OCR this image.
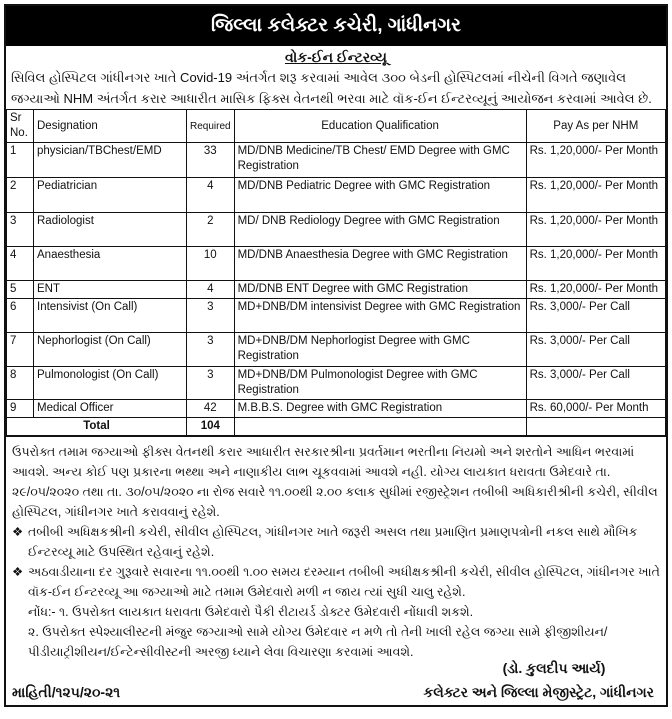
જિલ્લા કલેક્ટર કચેરી, ગાંધીનગર
વોક-ઈન ઈન્ટરવ્યૂ
સિવિલ હોસ્પિટલ ગાંધીનગર ખાતે Covid-19 અંતર્ગત શરૂ કરવામાં આવેલ ૩૦૦ બેડની હોસ્પિટલમાં નીચેની વિગતે જણાવેલ જગ્યાઓ NHM અંતર્ગત કરાર આધારીત માસિક ફિક્સ વેતનથી ભરવા માટે વૉક-ઈન ઈન્ટરવ્યૂનું આયોજન કરવામાં આવેલ છે.
Sr No.	Designation	Required	Education Qualification	Pay As per NHM
1	physician/TBChest/EMD	33	MD/DNB Medicine/TB Chest/ EMD Degree with GMC Registration	Rs. 1,20,000/- Per Month
2	Pediatrician	4	MD/DNB Pediatric Degree with GMC Registration	Rs. 1,20,000/- Per Month
3	Radiologist	2	MD/ DNB Rediology Degree with GMC Registration	Rs. 1,20,000/- Per Month
4	Anaesthesia	10	MD/DNB Anaesthesia Degree with GMC Registration	Rs. 1,20,000/- Per Month
5	ENT	4	MD/DNB ENT Degree with GMC Registration	Rs. 1,20,000/- Per Month
6	Intensivist (On Call)	3	MD+DNB/DM intensivist Degree with GMC Registration	Rs. 3,000/- Per Call
7	Nephorlogist (On Call)	3	MD+DNB/DM Nephorlogist Degree with GMC Registration	Rs. 3,000/- Per Call
8	Pulmonologist (On Call)	3	MD+DNB/DM Pulmonologist Degree with GMC Registration	Rs. 3,000/- Per Call
9	Medical Officer	42	M.B.B.S. Degree with GMC Registration	Rs. 60,000/- Per Month
Total		104		
ઉપરોક્ત તમામ જગ્યાઓ ફીક્સ વેતનથી કરાર આધારીત સરકારશ્રીના પ્રવર્તમાન ભરતીના નિયમો અને શરતોને આધિન ભરવામાં આવશે. અન્ય કોઈ પણ પ્રકારના ભથ્થા અને નાણાકીય લાભ ચૂકવવામાં આવશે નહી. યોગ્ય લાયકાત ધરાવતા ઉમેદવારે તા. ૨૯/૦૫/૨૦૨૦ તથા તા. ૩૦/૦૫/૨૦૨૦ ના રોજ સવારે ૧૧.૦૦થી ૨.૦૦ કલાક સુધીમાં રજીસ્ટ્રેશન તબીબી અધિકારીશ્રીની કચેરી, સીવીલ હોસ્પિટલ, ગાંધીનગર ખાતે કરાવવાનું રહેશે.
❖ તબીબી અધિક્ષકશ્રીની કચેરી, સીવીલ હોસ્પિટલ, ગાંધીનગર ખાતે જરૂરી અસલ તથા પ્રમાણિત પ્રમાણપત્રોની નકલ સાથે મૌખિક ઈન્ટરવ્યૂ માટે ઉપસ્થિત રહેવાનું રહેશે.
❖ અઠવાડીયાના દર ગુરૂવારે સવારના ૧૧.૦૦થી ૧.૦૦ સમય દરમ્યાન તબીબી અધીક્ષકશ્રીની કચેરી, સીવીલ હોસ્પિટલ, ગાંધીનગર ખાતે વૉક-ઈન ઈન્ટરવ્યૂ આ જગ્યાઓ માટે તમામ ઉમેદવારો મળી ન જાય ત્યાં સુધી ચાલુ રહેશે.
નોંધ:- ૧. ઉપરોક્ત લાયકાત ધરાવતા ઉમેદવારો પૈકી રીટાયર્ડ ડોક્ટર ઉમેદવારી નોંધાવી શકશે.
૨. ઉપરોક્ત સ્પેશ્યાલીસ્ટની મંજુર જગ્યાઓ સામે યોગ્ય ઉમેદવાર ન મળે તો તેની ખાલી રહેલ જગ્યા સામે ફીજીશીયન/ પીડીયાટ્રીશીયન/ઈન્ટેન્સીવીસ્ટની અરજી ધ્યાને લેવા વિચારણા કરવામાં આવશે.
(ડો. કુલદીપ આર્ય)
માહિતી/૧૨૫/૨૦-૨૧	કલેક્ટર અને જિલ્લા મેજીસ્ટ્રેટ, ગાંધીનગર
